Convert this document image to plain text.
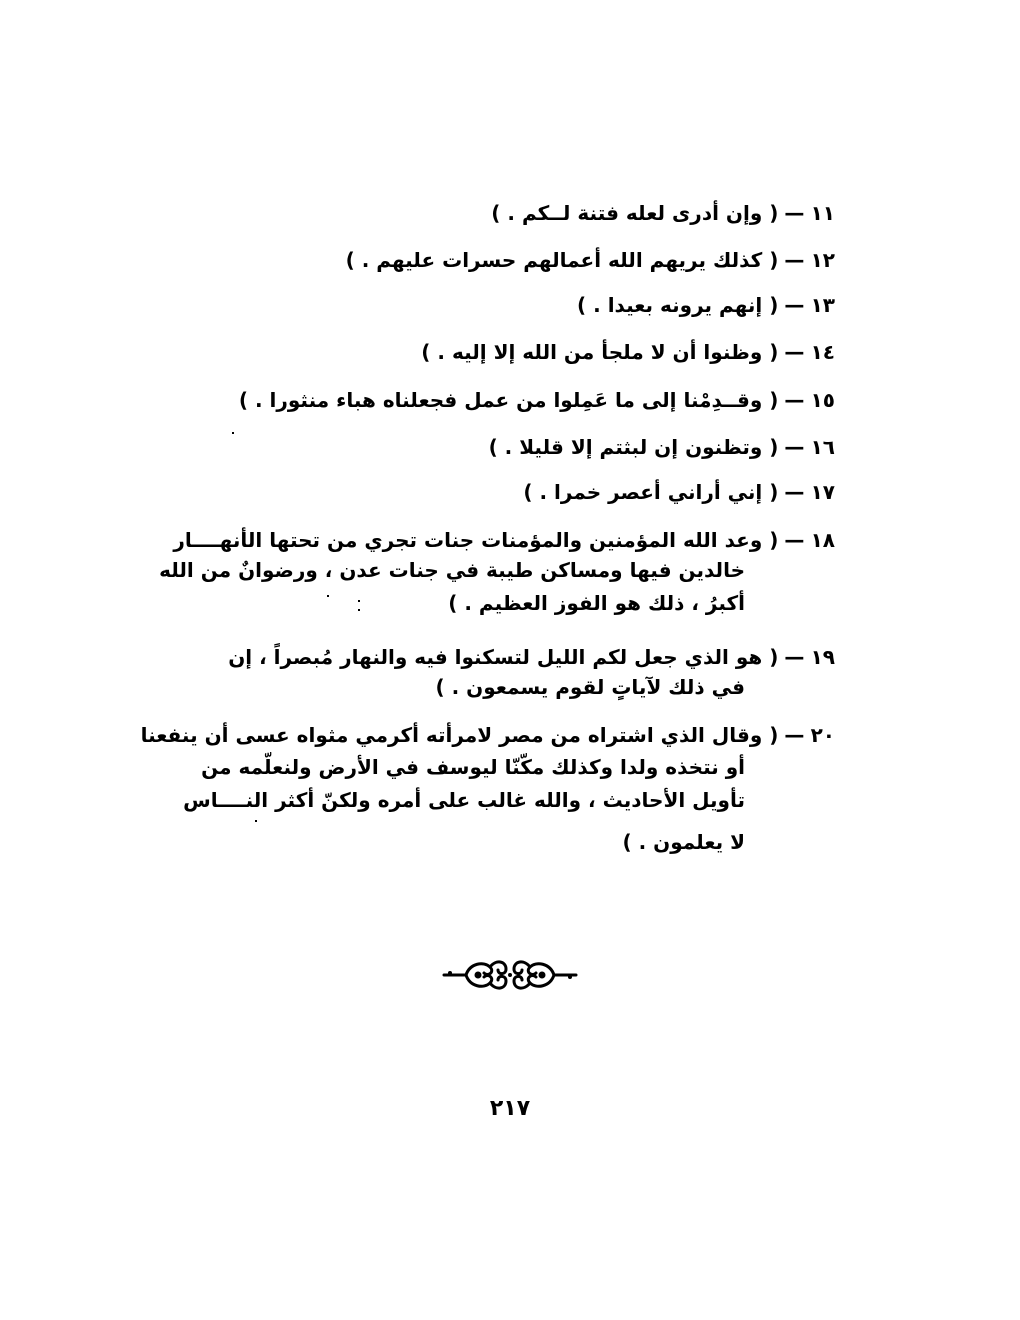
١١—( وإن أدرى لعله فتنة لــكم . )
١٢—( كذلك يريهم الله أعمالهم حسرات عليهم . )
١٣—( إنهم يرونه بعيدا . )
١٤—( وظنوا أن لا ملجأ من الله إلا إليه . )
١٥—( وقــدِمْنا إلى ما عَمِلوا من عمل فجعلناه هباء منثورا . )
١٦—( وتظنون إن لبثتم إلا قليلا . )
١٧—( إني أراني أعصر خمرا . )
١٨—( وعد الله المؤمنين والمؤمنات جنات تجري من تحتها الأنهــــار
خالدين فيها ومساكن طيبة في جنات عدن ، ورضوانٌ من الله
أكبرُ ، ذلك هو الفوز العظيم . )
١٩—( هو الذي جعل لكم الليل لتسكنوا فيه والنهار مُبصراً ، إن
في ذلك لآياتٍ لقوم يسمعون . )
٢٠—( وقال الذي اشتراه من مصر لامرأته أكرمي مثواه عسى أن ينفعنا
أو نتخذه ولدا وكذلك مكّنّا ليوسف في الأرض ولنعلّمه من
تأويل الأحاديث ، والله غالب على أمره ولكنّ أكثر النــــاس
لا يعلمون . )
٢١٧
